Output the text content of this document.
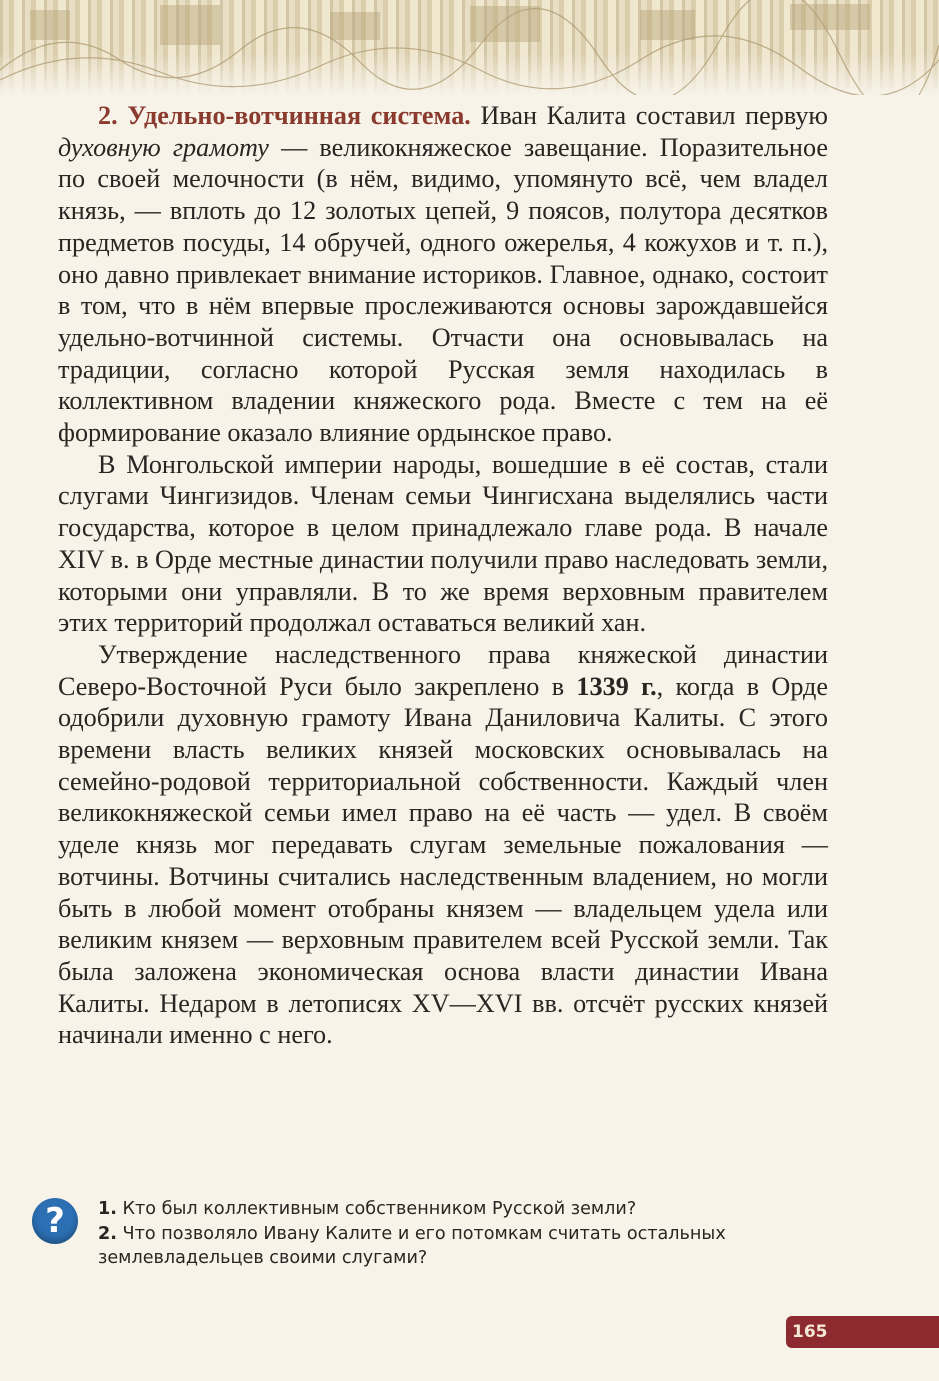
2. Удельно-вотчинная система. Иван Калита составил первую духовную грамоту — великокняжеское завещание. Поразительное по своей мелочности (в нём, видимо, упомянуто всё, чем владел князь, — вплоть до 12 золотых цепей, 9 поясов, полутора десятков предметов посуды, 14 обручей, одного ожерелья, 4 кожухов и т. п.), оно давно привлекает внимание историков. Главное, однако, состоит в том, что в нём впервые прослеживаются основы зарождавшейся удельно-вотчинной системы. Отчасти она основывалась на традиции, согласно которой Русская земля находилась в коллективном владении княжеского рода. Вместе с тем на её формирование оказало влияние ордынское право.

В Монгольской империи народы, вошедшие в её состав, стали слугами Чингизидов. Членам семьи Чингисхана выделялись части государства, которое в целом принадлежало главе рода. В начале XIV в. в Орде местные династии получили право наследовать земли, которыми они управляли. В то же время верховным правителем этих территорий продолжал оставаться великий хан.

Утверждение наследственного права княжеской династии Северо-Восточной Руси было закреплено в 1339 г., когда в Орде одобрили духовную грамоту Ивана Даниловича Калиты. С этого времени власть великих князей московских основывалась на семейно-родовой территориальной собственности. Каждый член великокняжеской семьи имел право на её часть — удел. В своём уделе князь мог передавать слугам земельные пожалования — вотчины. Вотчины считались наследственным владением, но могли быть в любой момент отобраны князем — владельцем удела или великим князем — верховным правителем всей Русской земли. Так была заложена экономическая основа власти династии Ивана Калиты. Недаром в летописях XV—XVI вв. отсчёт русских князей начинали именно с него.

?	1. Кто был коллективным собственником Русской земли?
2. Что позволяло Ивану Калите и его потомкам считать остальных землевладельцев своими слугами?
165
